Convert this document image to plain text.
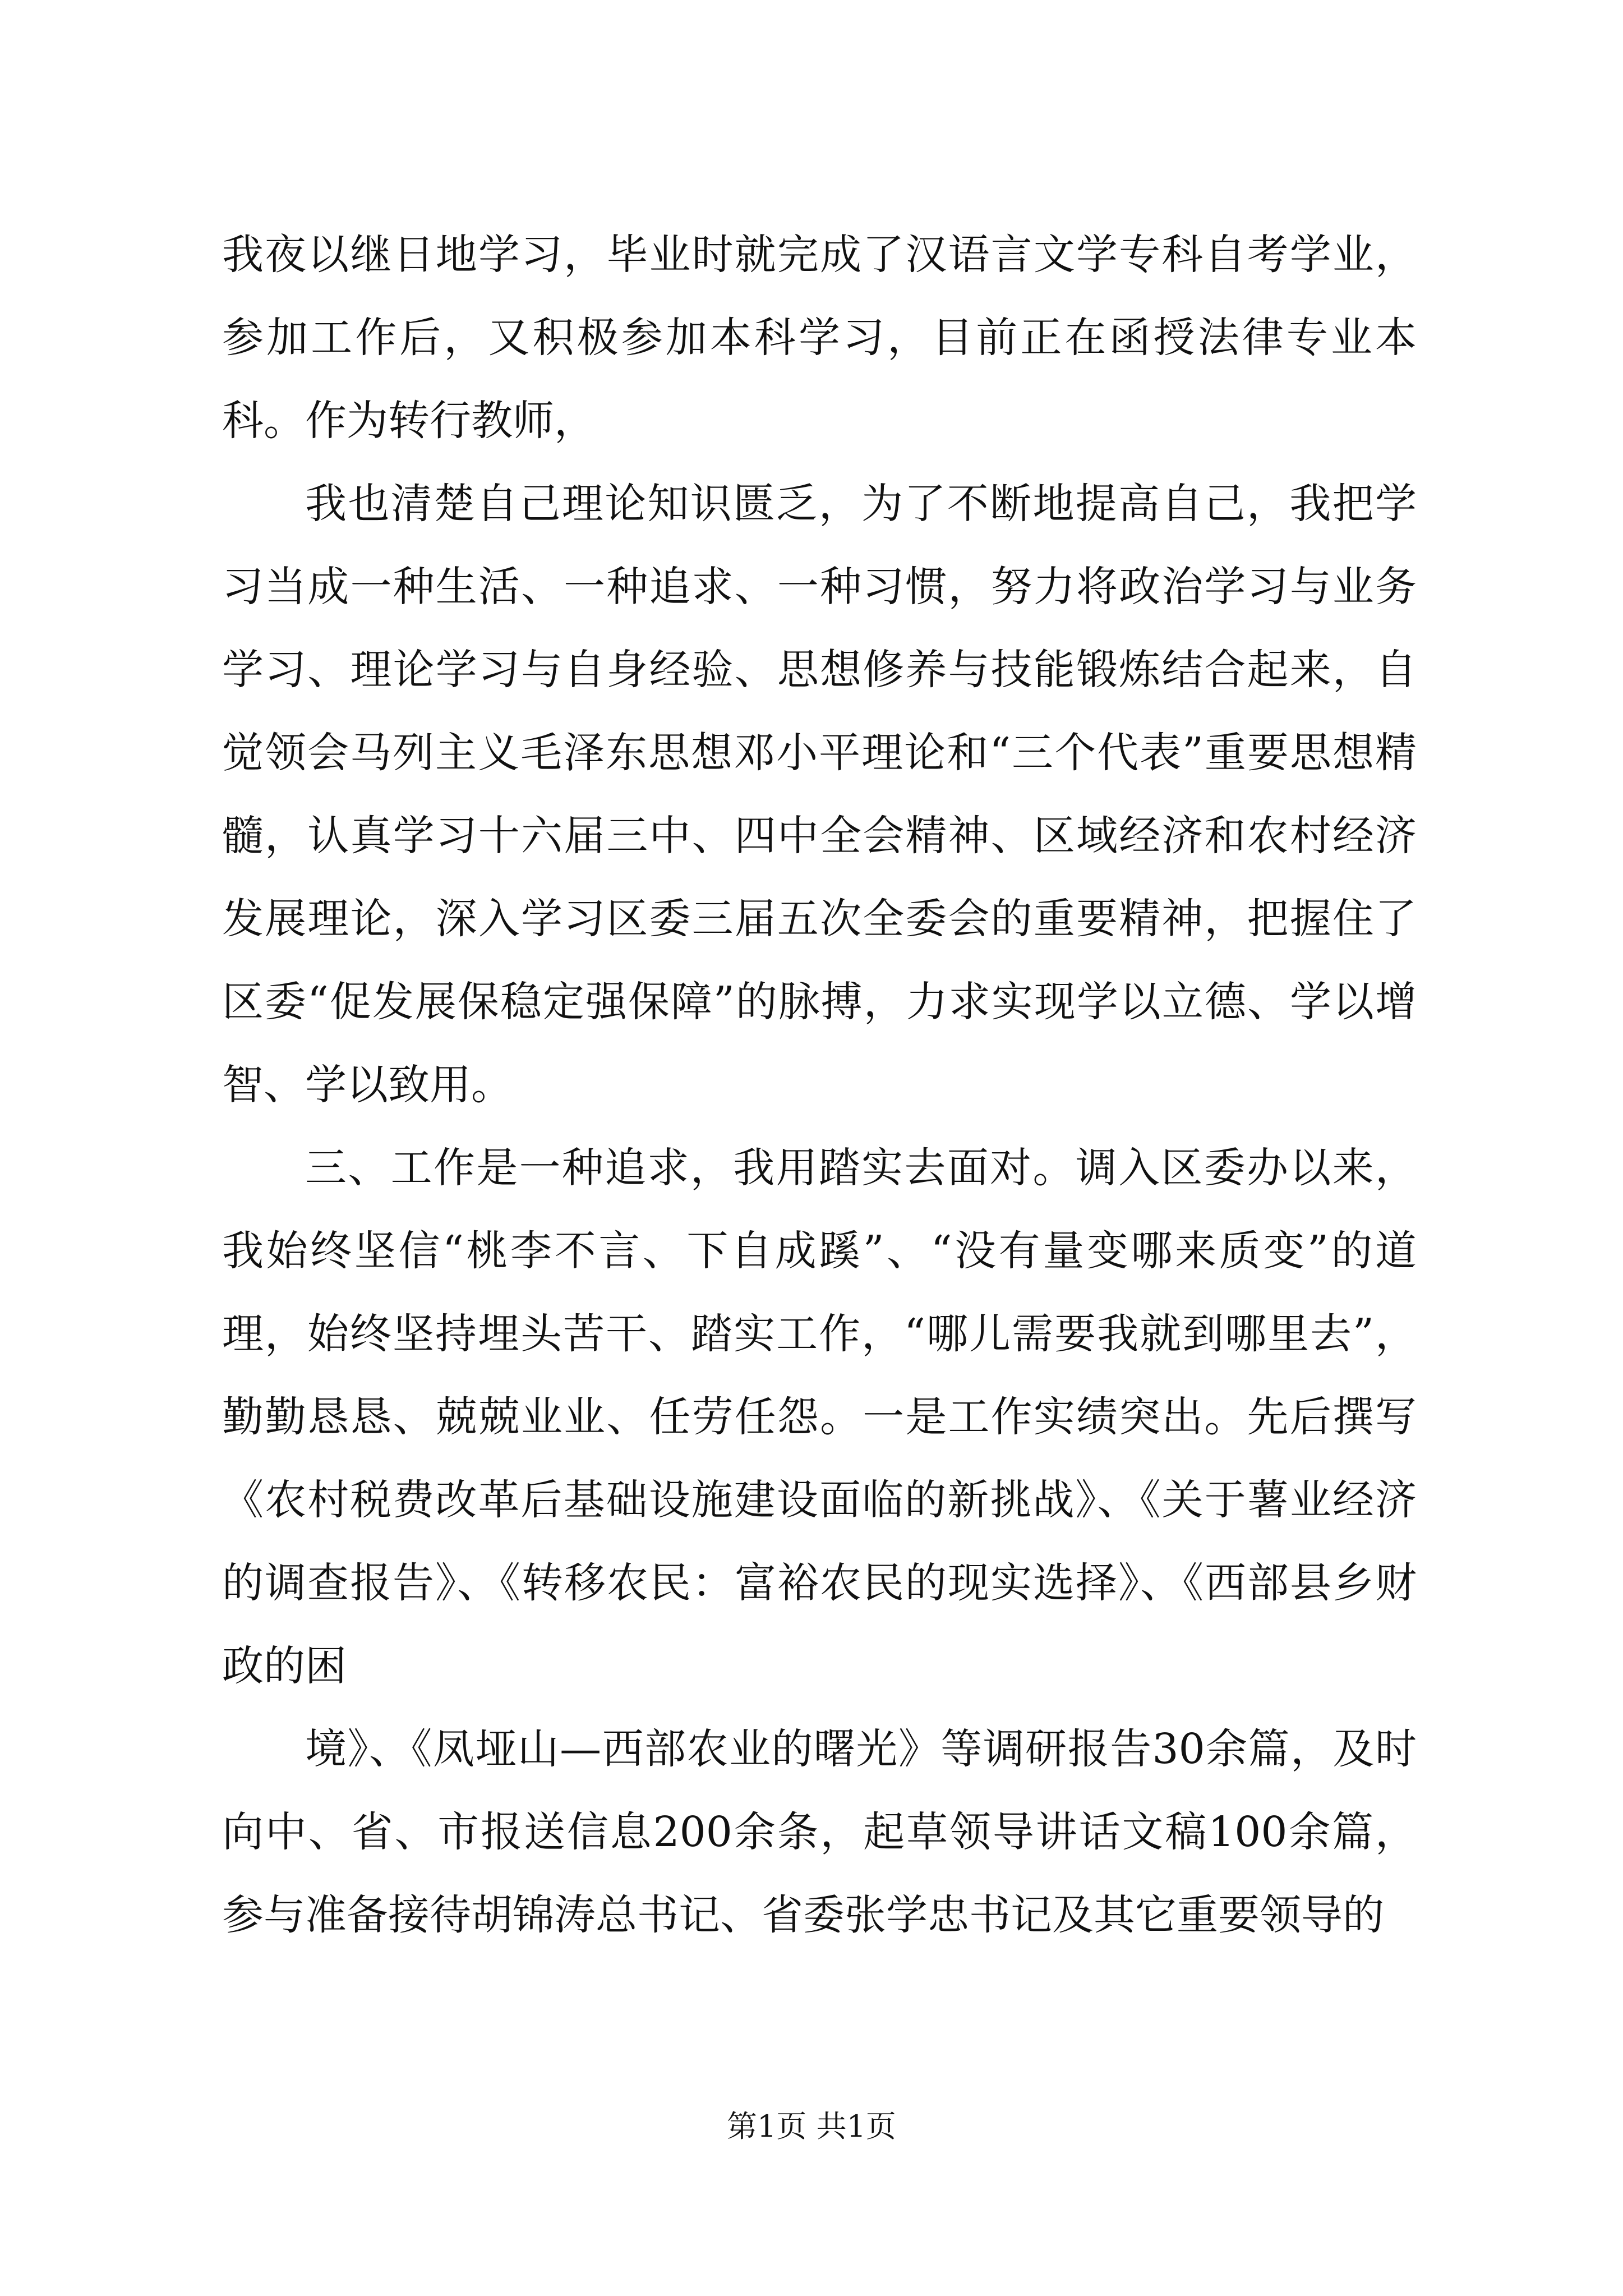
我夜以继日地学习，毕业时就完成了汉语言文学专科自考学业，参加工作后，又积极参加本科学习，目前正在函授法律专业本科。作为转行教师，

我也清楚自己理论知识匮乏，为了不断地提高自己，我把学习当成一种生活、一种追求、一种习惯，努力将政治学习与业务学习、理论学习与自身经验、思想修养与技能锻炼结合起来，自觉领会马列主义毛泽东思想邓小平理论和“三个代表”重要思想精髓，认真学习十六届三中、四中全会精神、区域经济和农村经济发展理论，深入学习区委三届五次全委会的重要精神，把握住了区委“促发展保稳定强保障”的脉搏，力求实现学以立德、学以增智、学以致用。

三、工作是一种追求，我用踏实去面对。调入区委办以来，我始终坚信“桃李不言、下自成蹊”、“没有量变哪来质变”的道理，始终坚持埋头苦干、踏实工作，“哪儿需要我就到哪里去”，勤勤恳恳、兢兢业业、任劳任怨。一是工作实绩突出。先后撰写《农村税费改革后基础设施建设面临的新挑战》、《关于薯业经济的调查报告》、《转移农民：富裕农民的现实选择》、《西部县乡财政的困

境》、《凤垭山—西部农业的曙光》等调研报告30余篇，及时向中、省、市报送信息200余条，起草领导讲话文稿100余篇，参与准备接待胡锦涛总书记、省委张学忠书记及其它重要领导的

第1页 共1页
